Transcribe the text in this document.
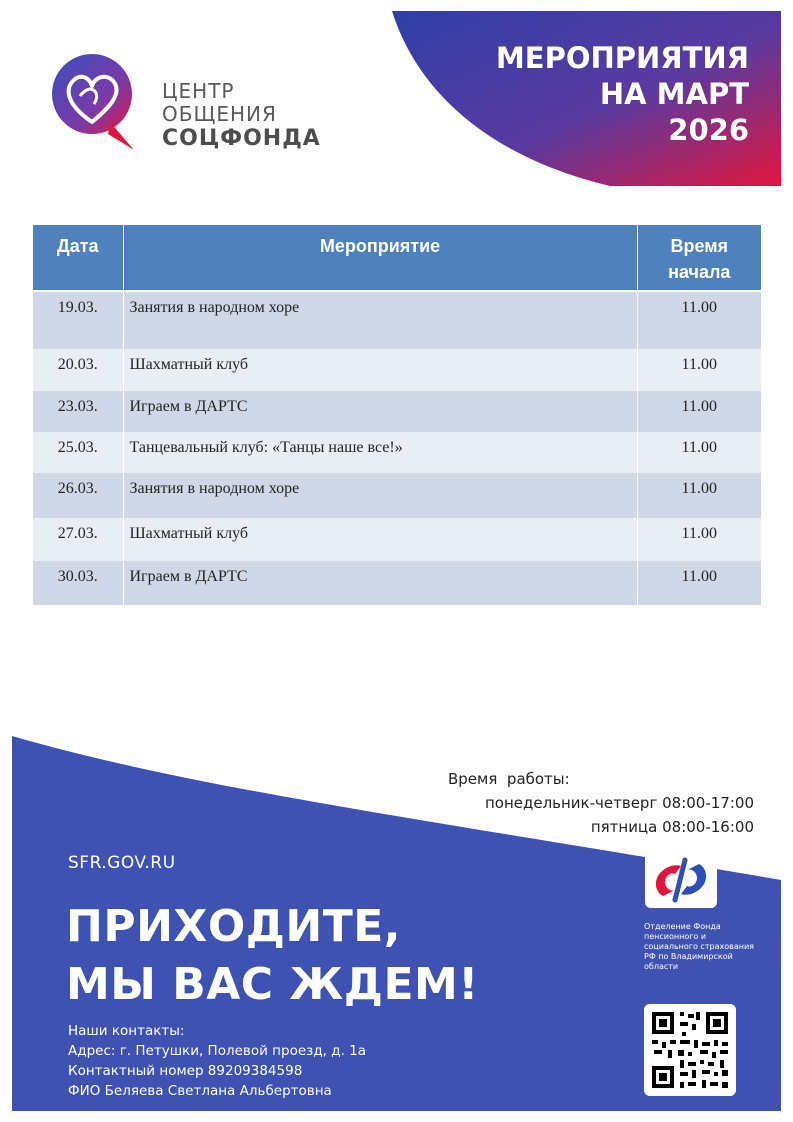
МЕРОПРИЯТИЯ
НА МАРТ
2026
ЦЕНТР
ОБЩЕНИЯ
СОЦФОНДА
Дата	Мероприятие	Время начала
19.03.	Занятия в народном хоре	11.00
20.03.	Шахматный клуб	11.00
23.03.	Играем в ДАРТС	11.00
25.03.	Танцевальный клуб: «Танцы наше все!»	11.00
26.03.	Занятия в народном хоре	11.00
27.03.	Шахматный клуб	11.00
30.03.	Играем в ДАРТС	11.00
Время  работы:
понедельник-четверг
08:00-17:00
пятница
08:00-16:00
SFR.GOV.RU
ПРИХОДИТЕ,
МЫ ВАС ЖДЕМ!
Наши контакты:
Адрес: г. Петушки, Полевой проезд, д. 1а
Контактный номер 89209384598
ФИО Беляева Светлана Альбертовна
Отделение Фонда пенсионного и социального страхования РФ по Владимирской области
